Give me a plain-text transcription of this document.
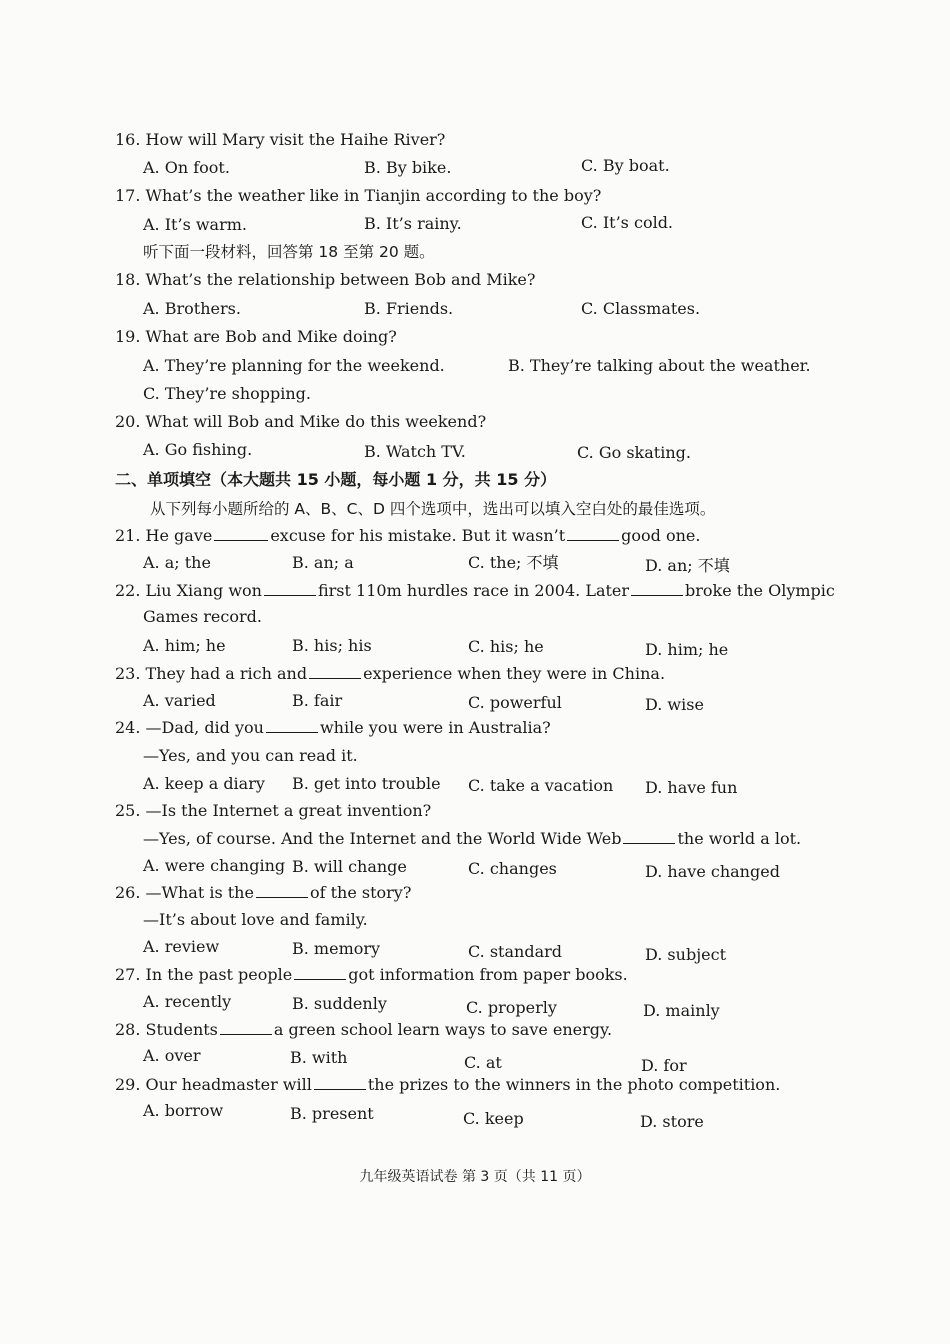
16. How will Mary visit the Haihe River?
A. On foot.	B. By bike.	C. By boat.
17. What’s the weather like in Tianjin according to the boy?
A. It’s warm.	B. It’s rainy.	C. It’s cold.
听下面一段材料，回答第 18 至第 20 题。
18. What’s the relationship between Bob and Mike?
A. Brothers.	B. Friends.	C. Classmates.
19. What are Bob and Mike doing?
A. They’re planning for the weekend.	B. They’re talking about the weather.
C. They’re shopping.
20. What will Bob and Mike do this weekend?
A. Go fishing.	B. Watch TV.	C. Go skating.
二、单项填空（本大题共 15 小题，每小题 1 分，共 15 分）
从下列每小题所给的 A、B、C、D 四个选项中，选出可以填入空白处的最佳选项。
21. He gave	excuse for his mistake. But it wasn’t	good one.
A. a; the	B. an; a	C. the; 不填	D. an; 不填
22. Liu Xiang won	first 110m hurdles race in 2004. Later	broke the Olympic
Games record.
A. him; he	B. his; his	C. his; he	D. him; he
23. They had a rich and	experience when they were in China.
A. varied	B. fair	C. powerful	D. wise
24. —Dad, did you	while you were in Australia?
—Yes, and you can read it.
A. keep a diary B. get into trouble C. take a vacation D. have fun
25. —Is the Internet a great invention?
—Yes, of course. And the Internet and the World Wide Web	the world a lot.
A. were changing B. will change	C. changes	D. have changed
26. —What is the	of the story?
—It’s about love and family.
A. review	B. memory	C. standard	D. subject
27. In the past people	got information from paper books.
A. recently	B. suddenly	C. properly	D. mainly
28. Students	a green school learn ways to save energy.
A. over	B. with	C. at	D. for
29. Our headmaster will	the prizes to the winners in the photo competition.
A. borrow	B. present	C. keep	D. store
九年级英语试卷 第 3 页（共 11 页）
